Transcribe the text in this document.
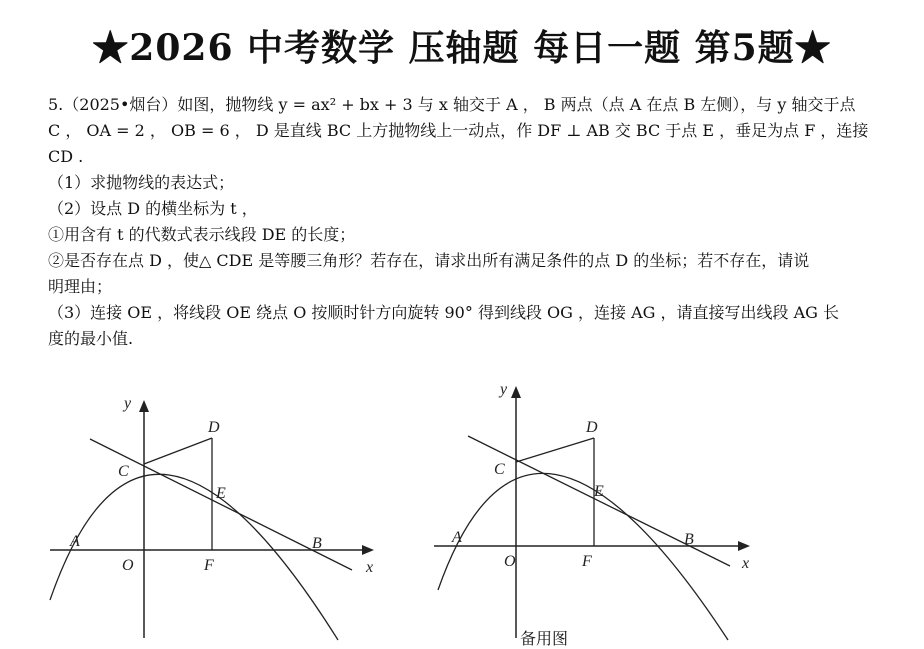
★2026 中考数学 压轴题 每日一题 第5题★

5.（2025•烟台）如图，抛物线 y = ax² + bx + 3 与 x 轴交于 A ， B 两点（点 A 在点 B 左侧），与 y 轴交于点

C ， OA = 2 ， OB = 6 ， D 是直线 BC 上方抛物线上一动点，作 DF ⊥ AB 交 BC 于点 E ，垂足为点 F ，连接

CD .

（1）求抛物线的表达式；

（2）设点 D 的横坐标为 t ，

①用含有 t 的代数式表示线段 DE 的长度；

②是否存在点 D ，使△ CDE 是等腰三角形？若存在，请求出所有满足条件的点 D 的坐标；若不存在，请说

明理由；

（3）连接 OE ，将线段 OE 绕点 O 按顺时针方向旋转 90° 得到线段 OG ，连接 AG ，请直接写出线段 AG 长

度的最小值.

y
x
O
A	B
C
D
E
F
y
x
O
A	B
C
D
E
F
备用图
